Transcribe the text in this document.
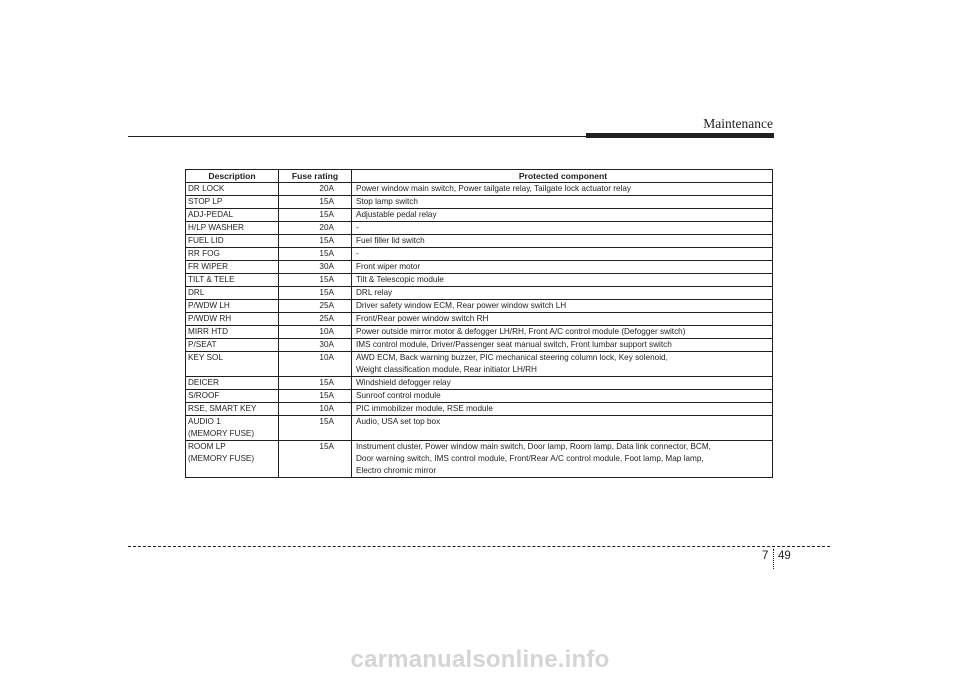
Maintenance
Description	Fuse rating	Protected component

DR LOCK	20A	Power window main switch, Power tailgate relay, Tailgate lock actuator relay

STOP LP	15A	Stop lamp switch

ADJ-PEDAL	15A	Adjustable pedal relay

H/LP WASHER	20A	-

FUEL LID	15A	Fuel filler lid switch

RR FOG	15A	-

FR WIPER	30A	Front wiper motor

TILT & TELE	15A	Tilt & Telescopic module

DRL	15A	DRL relay

P/WDW LH	25A	Driver safety window ECM, Rear power window switch LH

P/WDW RH	25A	Front/Rear power window switch RH

MIRR HTD	10A	Power outside mirror motor & defogger LH/RH, Front A/C control module (Defogger switch)

P/SEAT	30A	IMS control module, Driver/Passenger seat manual switch, Front lumbar support switch

KEY SOL	10A	AWD ECM, Back warning buzzer, PIC mechanical steering column lock, Key solenoid,
Weight classification module, Rear initiator LH/RH

DEICER	15A	Windshield defogger relay

S/ROOF	15A	Sunroof control module

RSE, SMART KEY	10A	PIC immobilizer module, RSE module

AUDIO 1
(MEMORY FUSE)	15A	Audio, USA set top box

ROOM LP
(MEMORY FUSE)	15A	Instrument cluster, Power window main switch, Door lamp, Room lamp, Data link connector, BCM,
Door warning switch, IMS control module, Front/Rear A/C control module, Foot lamp, Map lamp,
Electro chromic mirror
7 49
carmanualsonline.info
